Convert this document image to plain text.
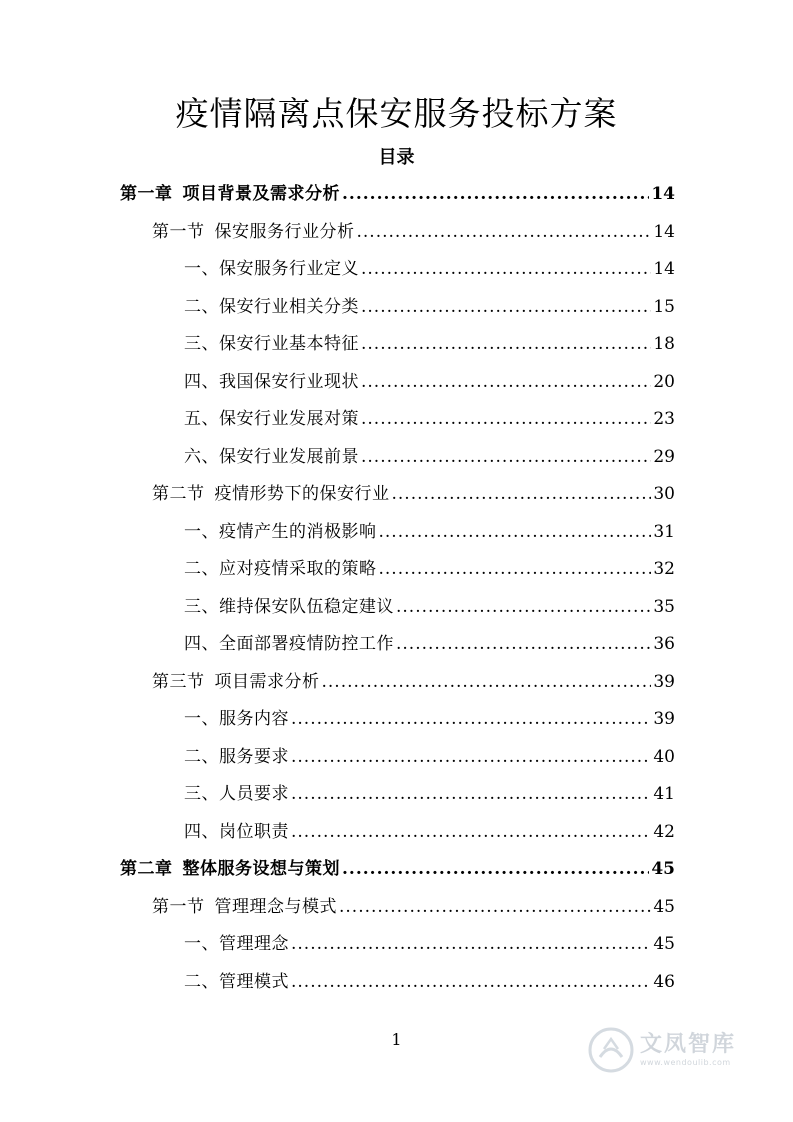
疫情隔离点保安服务投标方案
目录
第一章 项目背景及需求分析 .....	14
第一节 保安服务行业分析 .....	14
一、保安服务行业定义 .....	14
二、保安行业相关分类 .....	15
三、保安行业基本特征 .....	18
四、我国保安行业现状 .....	20
五、保安行业发展对策 .....	23
六、保安行业发展前景 .....	29
第二节 疫情形势下的保安行业 .....	30
一、疫情产生的消极影响 .....	31
二、应对疫情采取的策略 .....	32
三、维持保安队伍稳定建议 .....	35
四、全面部署疫情防控工作 .....	36
第三节 项目需求分析 .....	39
一、服务内容 .....	39
二、服务要求 .....	40
三、人员要求 .....	41
四、岗位职责 .....	42
第二章 整体服务设想与策划 .....	45
第一节 管理理念与模式 .....	45
一、管理理念 .....	45
二、管理模式 .....	46
1	文凤智库
www.wendoulib.com
